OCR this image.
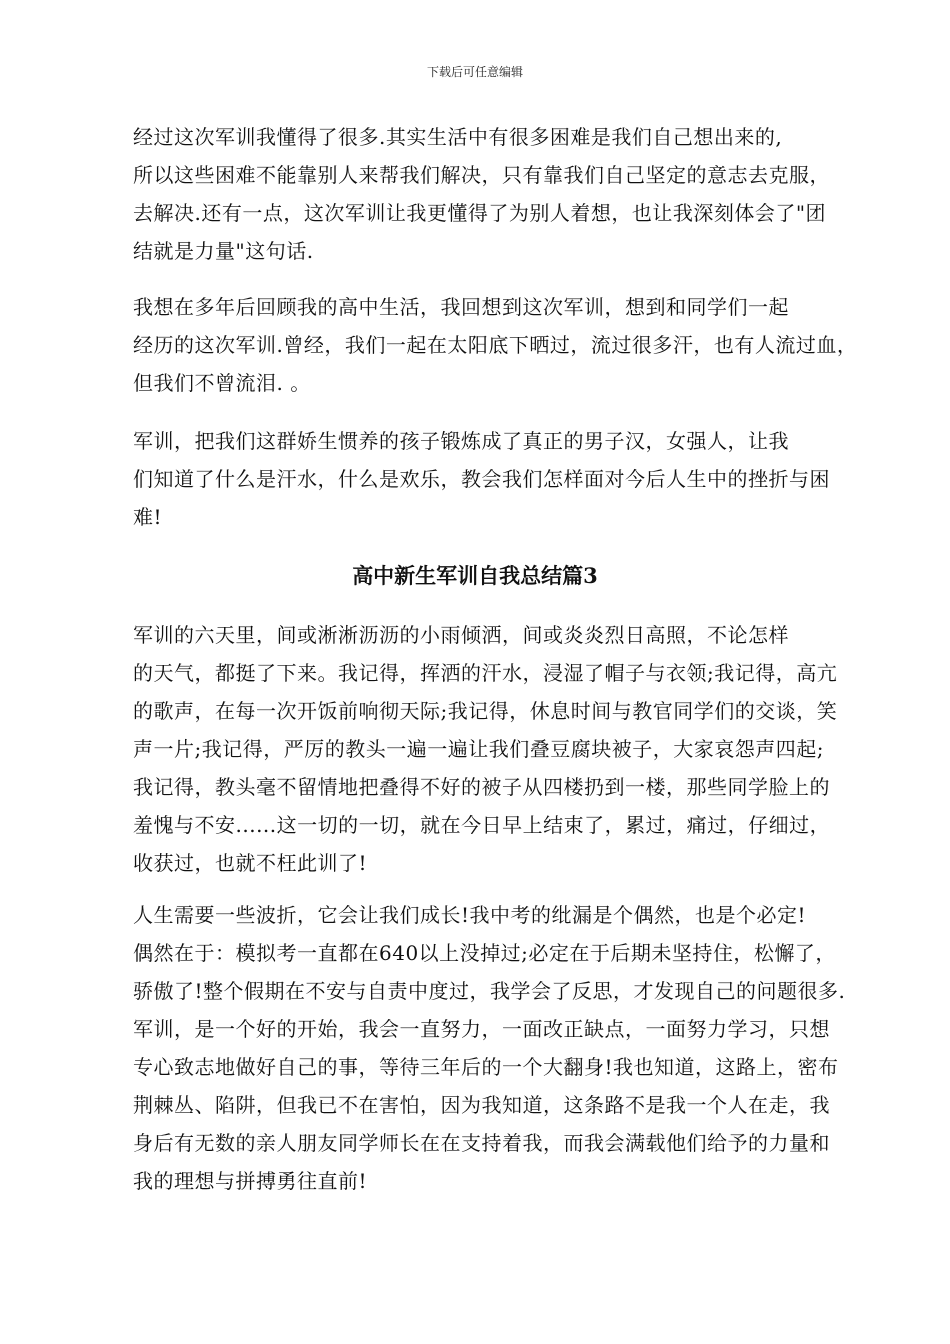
下载后可任意编辑

经过这次军训我懂得了很多.其实生活中有很多困难是我们自己想出来的,
所以这些困难不能靠别人来帮我们解决，只有靠我们自己坚定的意志去克服，
去解决.还有一点，这次军训让我更懂得了为别人着想，也让我深刻体会了"团
结就是力量"这句话.

我想在多年后回顾我的高中生活，我回想到这次军训，想到和同学们一起
经历的这次军训.曾经，我们一起在太阳底下晒过，流过很多汗，也有人流过血，
但我们不曾流泪. 。

军训，把我们这群娇生惯养的孩子锻炼成了真正的男子汉，女强人，让我
们知道了什么是汗水，什么是欢乐，教会我们怎样面对今后人生中的挫折与困
难!

高中新生军训自我总结篇3

军训的六天里，间或淅淅沥沥的小雨倾洒，间或炎炎烈日高照，不论怎样
的天气，都挺了下来。我记得，挥洒的汗水，浸湿了帽子与衣领;我记得，高亢
的歌声，在每一次开饭前响彻天际;我记得，休息时间与教官同学们的交谈，笑
声一片;我记得，严厉的教头一遍一遍让我们叠豆腐块被子，大家哀怨声四起;
我记得，教头毫不留情地把叠得不好的被子从四楼扔到一楼，那些同学脸上的
羞愧与不安......这一切的一切，就在今日早上结束了，累过，痛过，仔细过，
收获过，也就不枉此训了!

人生需要一些波折，它会让我们成长!我中考的纰漏是个偶然，也是个必定!
偶然在于：模拟考一直都在640以上没掉过;必定在于后期未坚持住，松懈了，
骄傲了!整个假期在不安与自责中度过，我学会了反思，才发现自己的问题很多.
军训，是一个好的开始，我会一直努力，一面改正缺点，一面努力学习，只想
专心致志地做好自己的事，等待三年后的一个大翻身!我也知道，这路上，密布
荆棘丛、陷阱，但我已不在害怕，因为我知道，这条路不是我一个人在走，我
身后有无数的亲人朋友同学师长在在支持着我，而我会满载他们给予的力量和
我的理想与拼搏勇往直前!
